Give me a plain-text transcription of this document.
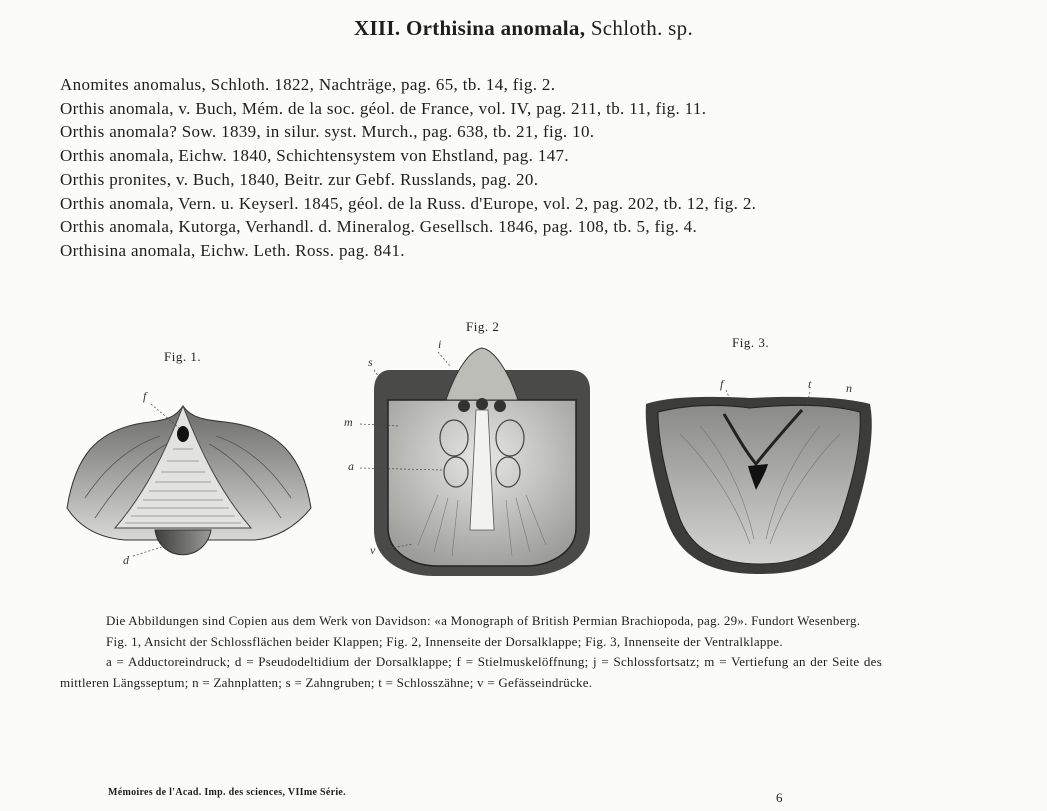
XIII. Orthisina anomala, Schloth. sp.
Anomites anomalus, Schloth. 1822, Nachträge, pag. 65, tb. 14, fig. 2.
Orthis anomala, v. Buch, Mém. de la soc. géol. de France, vol. IV, pag. 211, tb. 11, fig. 11.
Orthis anomala? Sow. 1839, in silur. syst. Murch., pag. 638, tb. 21, fig. 10.
Orthis anomala, Eichw. 1840, Schichtensystem von Ehstland, pag. 147.
Orthis pronites, v. Buch, 1840, Beitr. zur Gebf. Russlands, pag. 20.
Orthis anomala, Vern. u. Keyserl. 1845, géol. de la Russ. d'Europe, vol. 2, pag. 202, tb. 12, fig. 2.
Orthis anomala, Kutorga, Verhandl. d. Mineralog. Gesellsch. 1846, pag. 108, tb. 5, fig. 4.
Orthisina anomala, Eichw. Leth. Ross. pag. 841.
Fig. 1.
Fig. 2
Fig. 3.
f
d
s
i
m
a
v
f	t	n

Die Abbildungen sind Copien aus dem Werk von Davidson: «a Monograph of British Permian Brachiopoda, pag. 29». Fundort Wesenberg.

Fig. 1, Ansicht der Schlossflächen beider Klappen; Fig. 2, Innenseite der Dorsalklappe; Fig. 3, Innenseite der Ventralklappe.

a = Adductoreindruck; d = Pseudodeltidium der Dorsalklappe; f = Stielmuskelöffnung; j = Schlossfortsatz; m = Vertiefung an der Seite des mittleren Längsseptum; n = Zahnplatten; s = Zahngruben; t = Schlosszähne; v = Gefässeindrücke.

Mémoires de l'Acad. Imp. des sciences, VIIme Série.	6
